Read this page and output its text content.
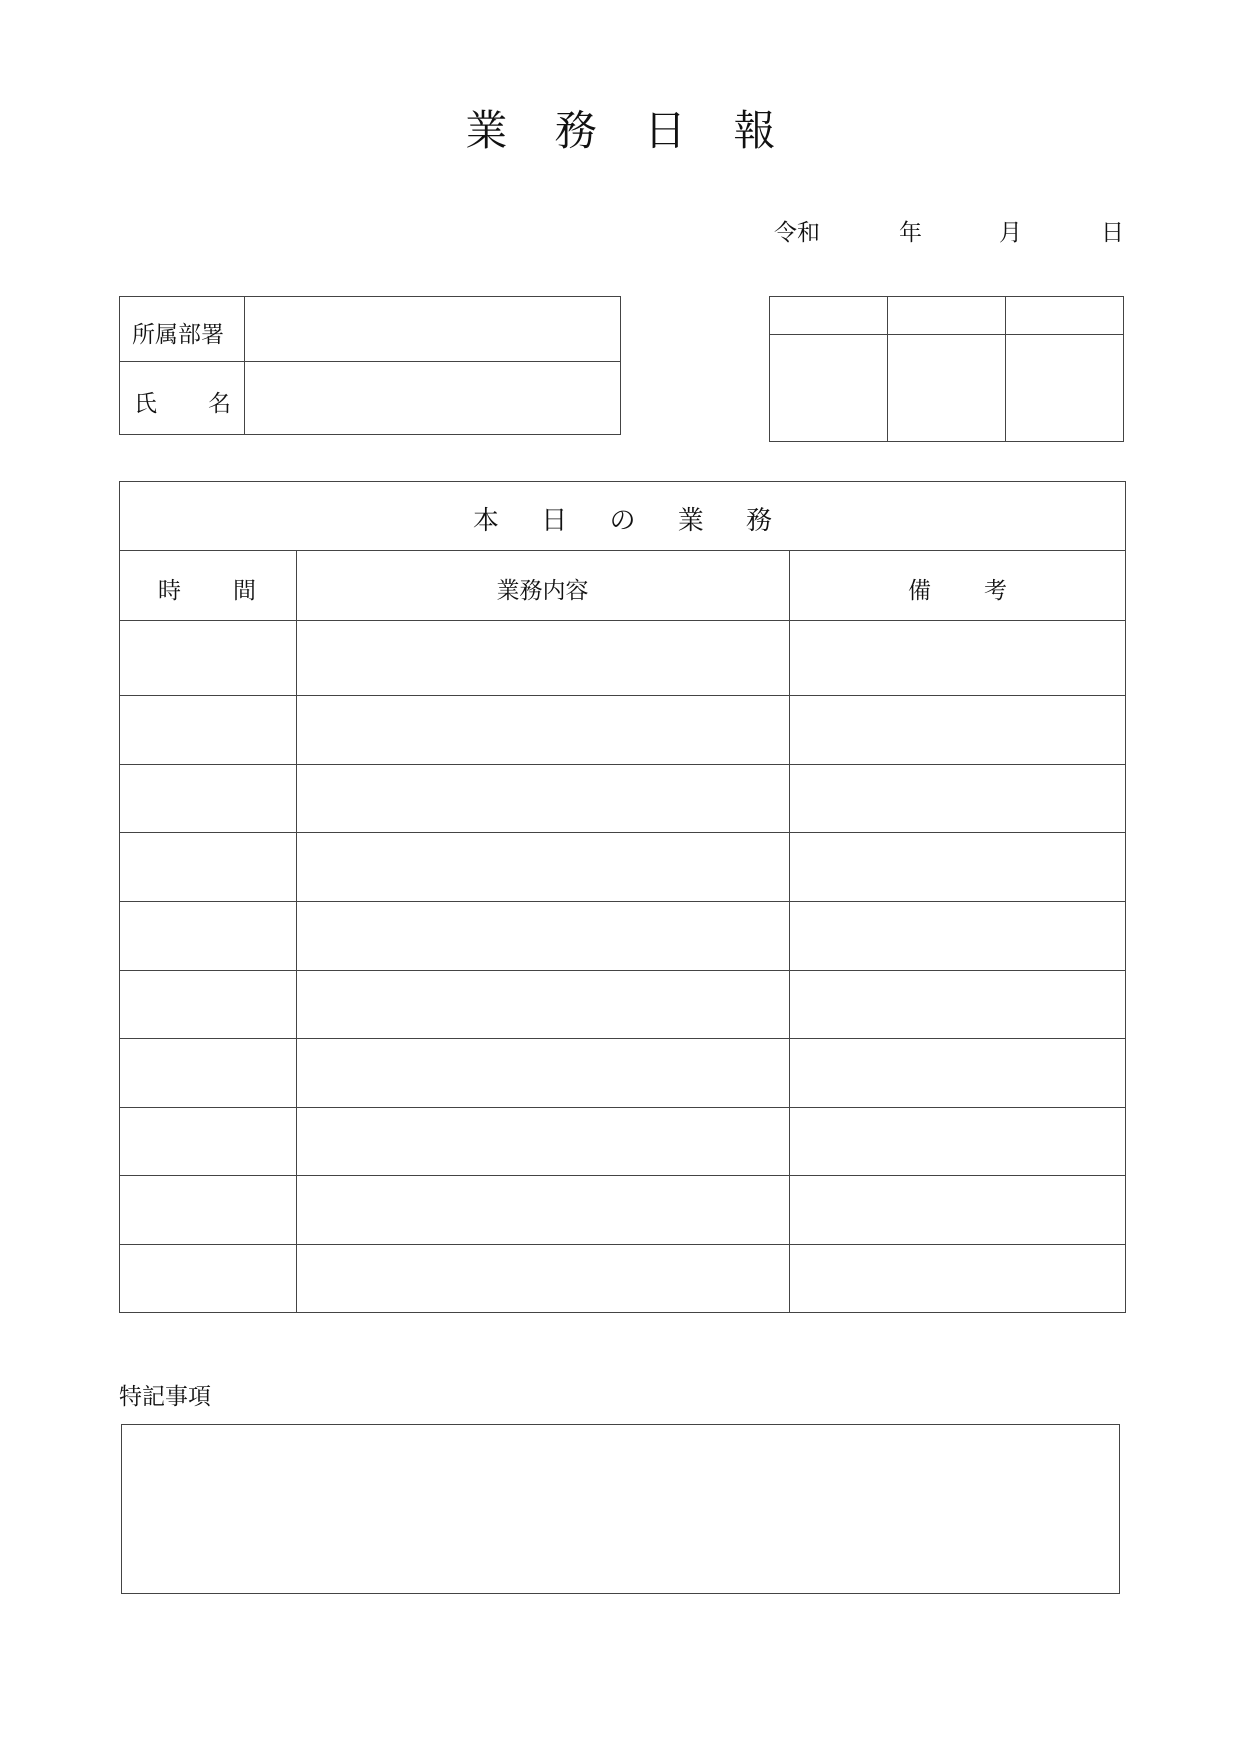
業 務 日 報
令和	年	月	日
所属部署
氏 名
本 日 の 業 務
時 間	業務内容	備 考
特記事項
